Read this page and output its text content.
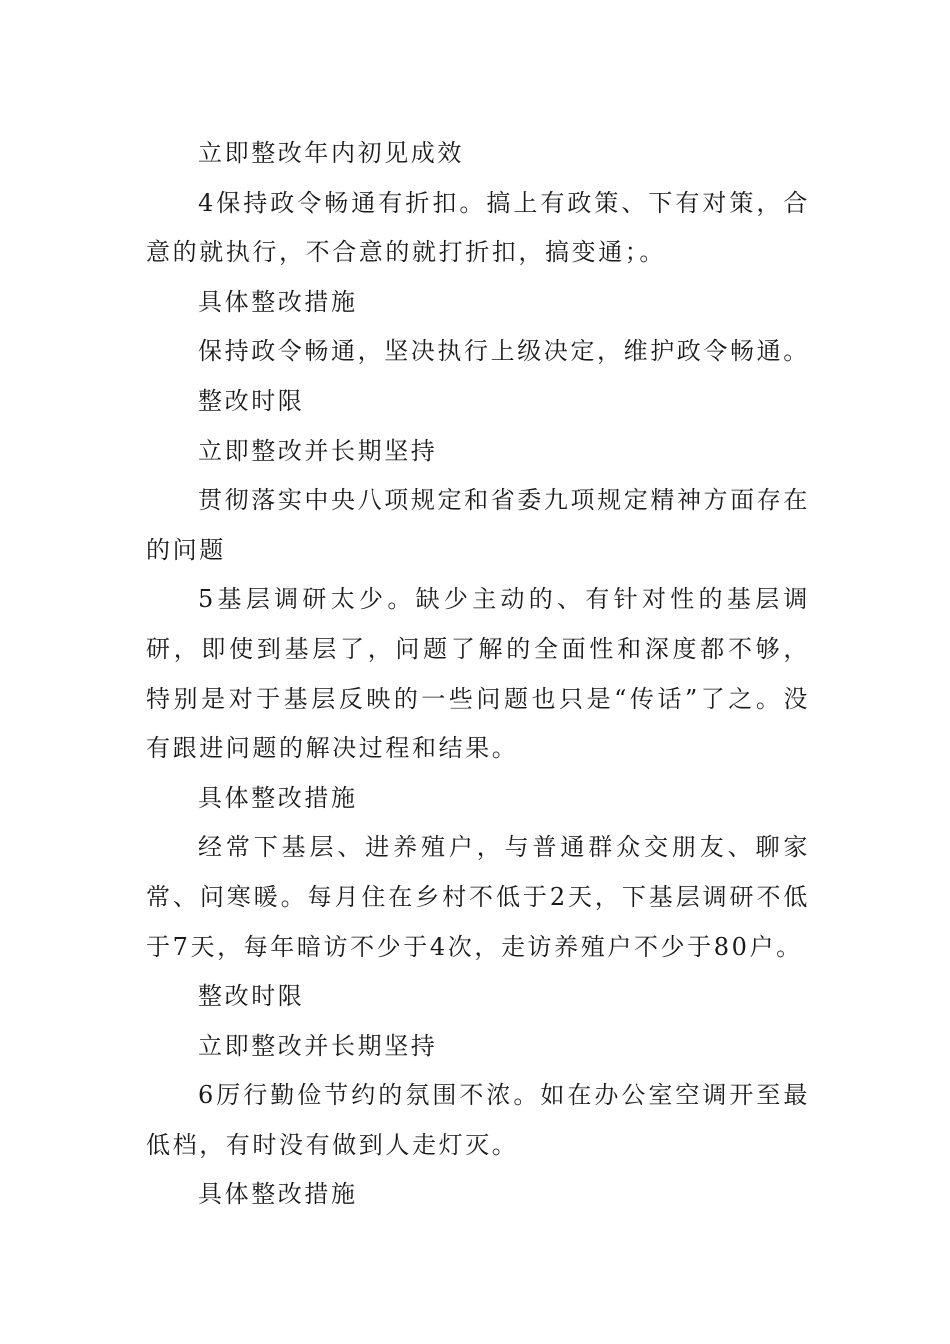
立即整改年内初见成效

4保持政令畅通有折扣。搞上有政策、下有对策，合意的就执行，不合意的就打折扣，搞变通；。

具体整改措施

保持政令畅通，坚决执行上级决定，维护政令畅通。

整改时限

立即整改并长期坚持

贯彻落实中央八项规定和省委九项规定精神方面存在的问题

5基层调研太少。缺少主动的、有针对性的基层调研，即使到基层了，问题了解的全面性和深度都不够，特别是对于基层反映的一些问题也只是“传话”了之。没有跟进问题的解决过程和结果。

具体整改措施

经常下基层、进养殖户，与普通群众交朋友、聊家常、问寒暖。每月住在乡村不低于2天，下基层调研不低于7天，每年暗访不少于4次，走访养殖户不少于80户。

整改时限

立即整改并长期坚持

6厉行勤俭节约的氛围不浓。如在办公室空调开至最低档，有时没有做到人走灯灭。

具体整改措施
